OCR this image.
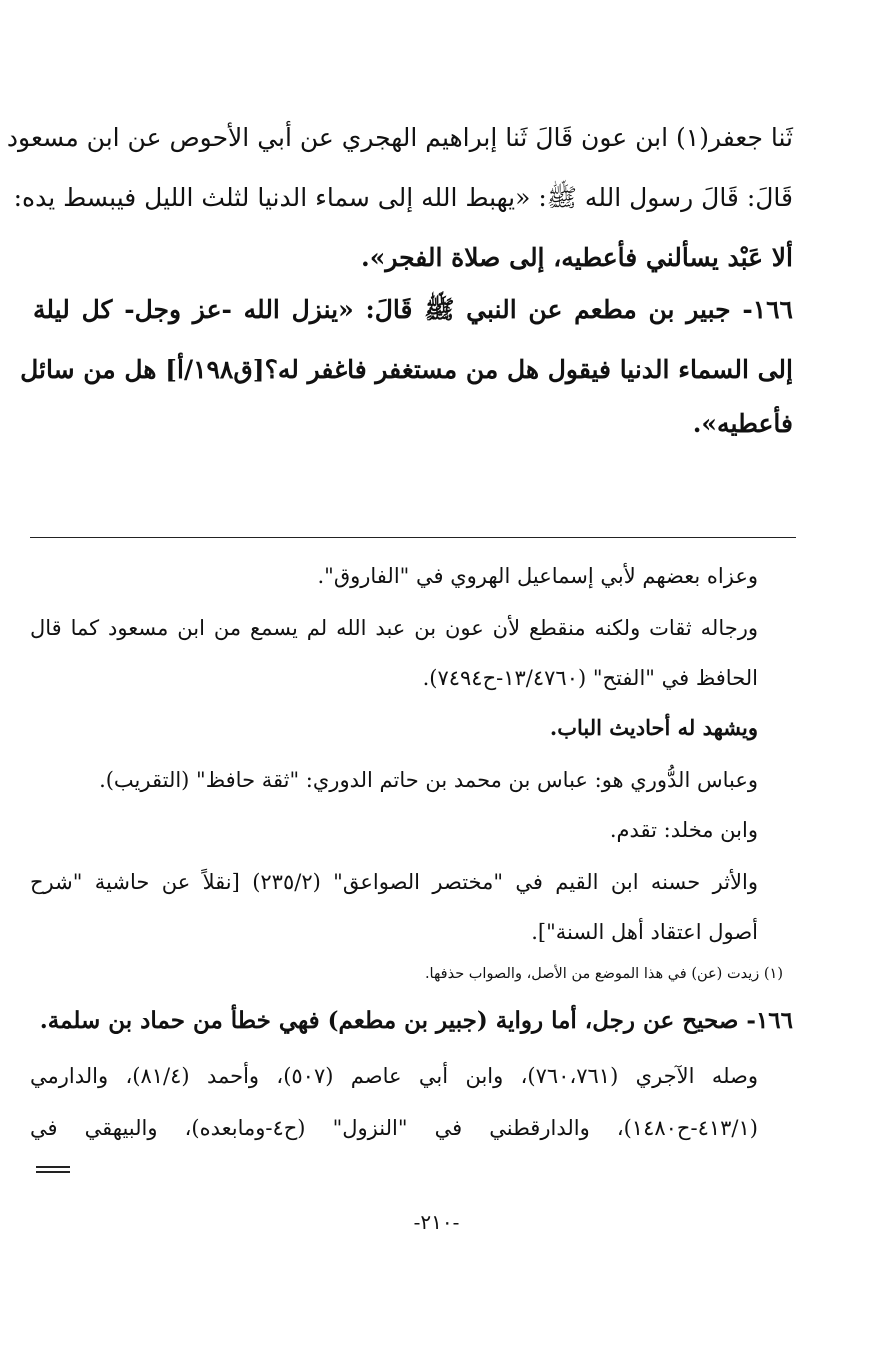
ثَنا جعفر(١) ابن عون قَالَ ثَنا إبراهيم الهجري عن أبي الأحوص عن ابن مسعود
قَالَ: قَالَ رسول الله ﷺ: «يهبط الله إلى سماء الدنيا لثلث الليل فيبسط يده:
ألا عَبْد يسألني فأعطيه، إلى صلاة الفجر».
١٦٦- جبير بن مطعم عن النبي ﷺ قَالَ: «ينزل الله -عز وجل- كل ليلة
إلى السماء الدنيا فيقول هل من مستغفر فاغفر له؟[ق١٩٨/أ] هل من سائل
فأعطيه».
وعزاه بعضهم لأبي إسماعيل الهروي في "الفاروق".
ورجاله ثقات ولكنه منقطع لأن عون بن عبد الله لم يسمع من ابن مسعود كما قال
الحافظ في "الفتح" (١٣/٤٧٦٠-ح٧٤٩٤).
ويشهد له أحاديث الباب.
وعباس الدُّوري هو: عباس بن محمد بن حاتم الدوري: "ثقة حافظ" (التقريب).
وابن مخلد: تقدم.
والأثر حسنه ابن القيم في "مختصر الصواعق" (٢٣٥/٢) [نقلاً عن حاشية "شرح
أصول اعتقاد أهل السنة"].
(١) زيدت (عن) في هذا الموضع من الأصل، والصواب حذفها.
١٦٦- صحيح عن رجل، أما رواية (جبير بن مطعم) فهي خطأ من حماد بن سلمة.
وصله الآجري (٧٦٠،٧٦١)، وابن أبي عاصم (٥٠٧)، وأحمد (٨١/٤)، والدارمي
(٤١٣/١-ح١٤٨٠)، والدارقطني في "النزول" (ح٤-ومابعده)، والبيهقي في
-٢١٠-
